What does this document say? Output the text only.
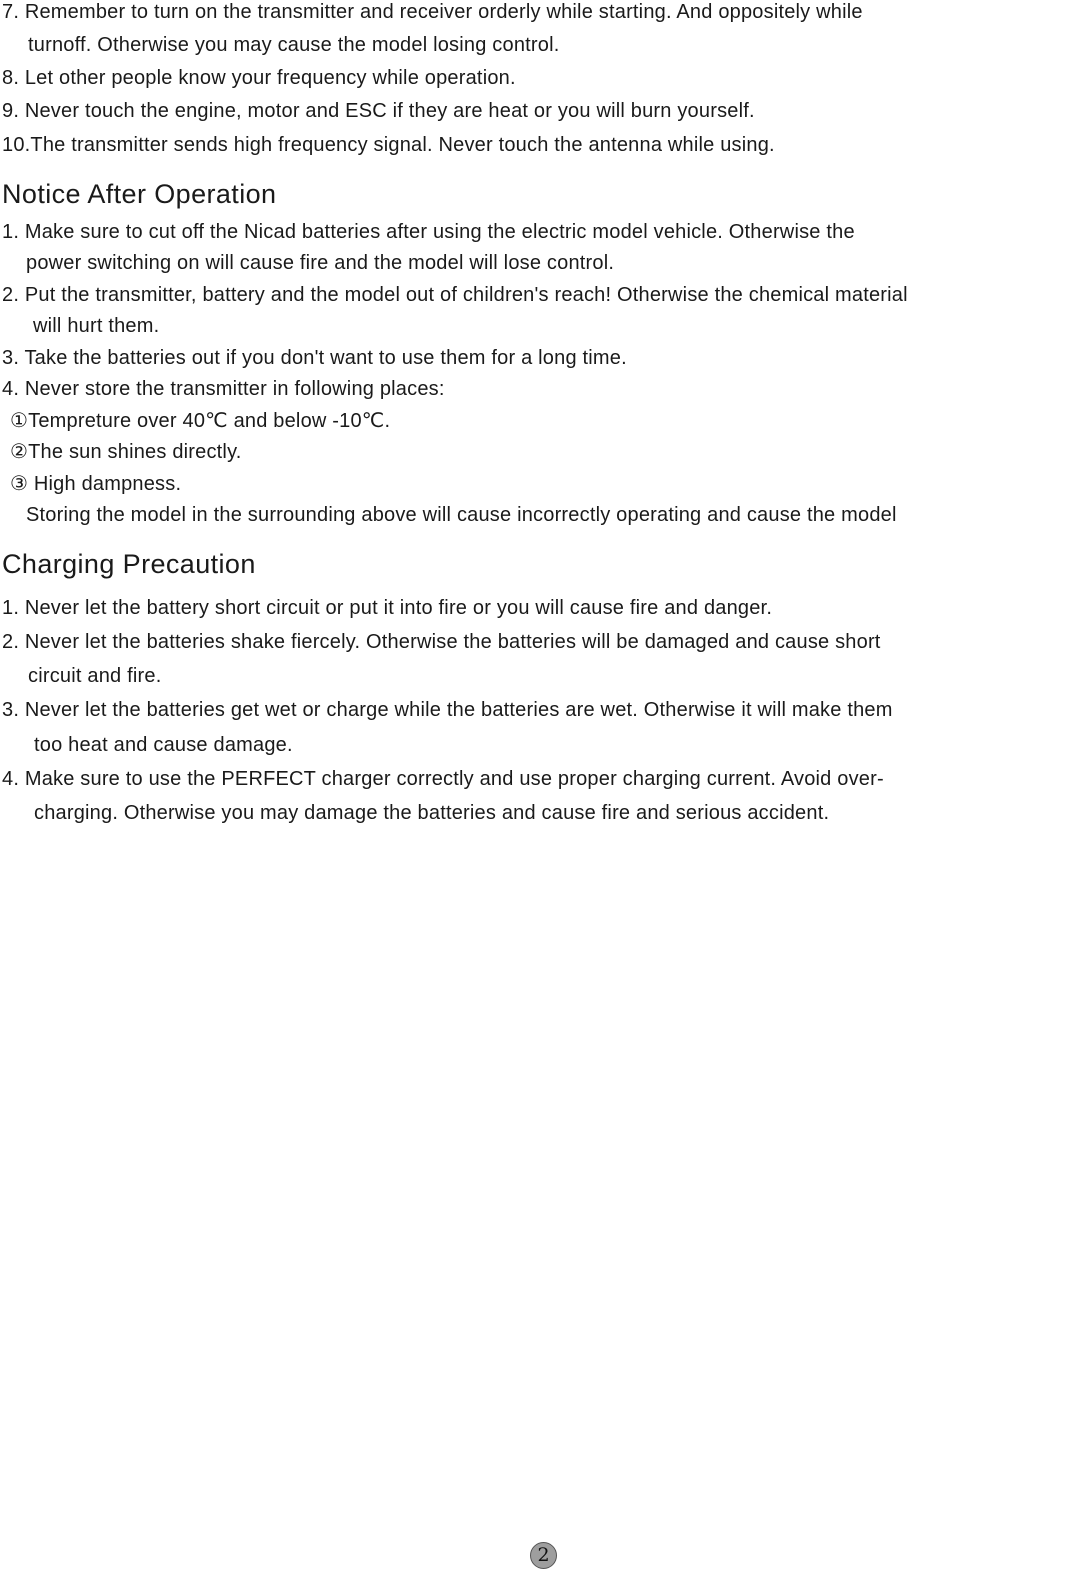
7. Remember to turn on the transmitter and receiver orderly while starting. And oppositely while
turnoff. Otherwise you may cause the model losing control.
8. Let other people know your frequency while operation.
9. Never touch the engine, motor and ESC if they are heat or you will burn yourself.
10.The transmitter sends high frequency signal. Never touch the antenna while using.
Notice After Operation
1. Make sure to cut off the Nicad batteries after using the electric model vehicle. Otherwise the
power switching on will cause fire and the model will lose control.
2. Put the transmitter, battery and the model out of children's reach! Otherwise the chemical material
will hurt them.
3. Take the batteries out if you don't want to use them for a long time.
4. Never store the transmitter in following places:
①Tempreture over 40℃ and below -10℃.
②The sun shines directly.
③ High dampness.
Storing the model in the surrounding above will cause incorrectly operating and cause the model
Charging Precaution
1. Never let the battery short circuit or put it into fire or you will cause fire and danger.
2. Never let the batteries shake fiercely. Otherwise the batteries will be damaged and cause short
circuit and fire.
3. Never let the batteries get wet or charge while the batteries are wet. Otherwise it will make them
too heat and cause damage.
4. Make sure to use the PERFECT charger correctly and use proper charging current. Avoid over-
charging. Otherwise you may damage the batteries and cause fire and serious accident.
2
